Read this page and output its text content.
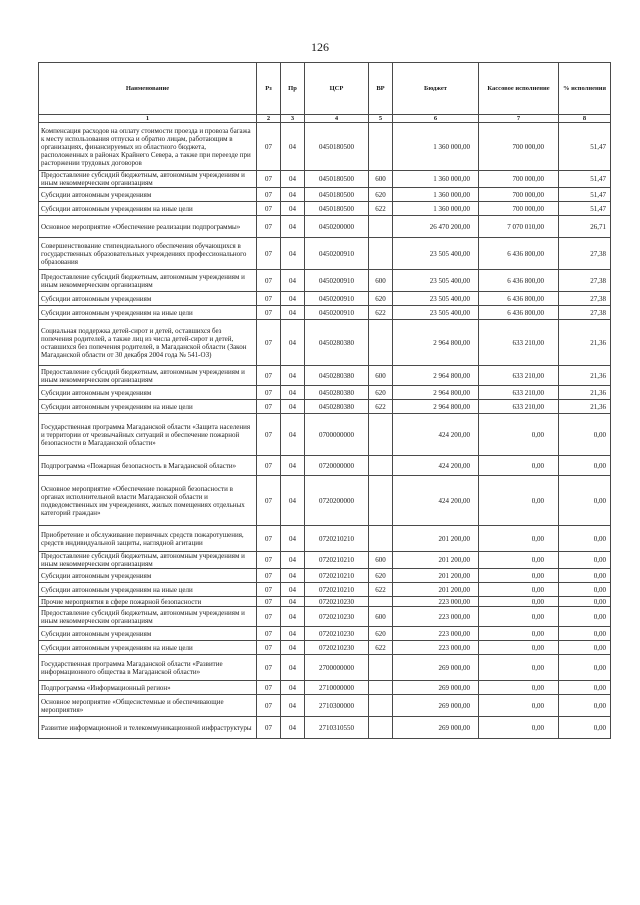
126
Наименование	Рз	Пр	ЦСР	ВР	Бюджет	Кассовое исполнение	% исполнения
1	2	3	4	5	6	7	8
Компенсация расходов на оплату стоимости проезда и провоза багажа к месту использования отпуска и обратно лицам, работающим в организациях, финансируемых из областного бюджета, расположенных в районах Крайнего Севера, а также при переезде при расторжении трудовых договоров	07	04	0450180500		1 360 000,00	700 000,00	51,47
Предоставление субсидий бюджетным, автономным учреждениям и иным некоммерческим организациям	07	04	0450180500	600	1 360 000,00	700 000,00	51,47
Субсидии автономным учреждениям	07	04	0450180500	620	1 360 000,00	700 000,00	51,47
Субсидии автономным учреждениям на иные цели	07	04	0450180500	622	1 360 000,00	700 000,00	51,47
Основное мероприятие «Обеспечение реализации подпрограммы»	07	04	0450200000		26 470 200,00	7 070 010,00	26,71
Совершенствование стипендиального обеспечения обучающихся в государственных образовательных учреждениях профессионального образования	07	04	0450200910		23 505 400,00	6 436 800,00	27,38
Предоставление субсидий бюджетным, автономным учреждениям и иным некоммерческим организациям	07	04	0450200910	600	23 505 400,00	6 436 800,00	27,38
Субсидии автономным учреждениям	07	04	0450200910	620	23 505 400,00	6 436 800,00	27,38
Субсидии автономным учреждениям на иные цели	07	04	0450200910	622	23 505 400,00	6 436 800,00	27,38
Социальная поддержка детей-сирот и детей, оставшихся без попечения родителей, а также лиц из числа детей-сирот и детей, оставшихся без попечения родителей, в Магаданской области (Закон Магаданской области от 30 декабря 2004 года № 541-ОЗ)	07	04	0450280380		2 964 800,00	633 210,00	21,36
Предоставление субсидий бюджетным, автономным учреждениям и иным некоммерческим организациям	07	04	0450280380	600	2 964 800,00	633 210,00	21,36
Субсидии автономным учреждениям	07	04	0450280380	620	2 964 800,00	633 210,00	21,36
Субсидии автономным учреждениям на иные цели	07	04	0450280380	622	2 964 800,00	633 210,00	21,36
Государственная программа Магаданской области «Защита населения и территории от чрезвычайных ситуаций и обеспечение пожарной безопасности в Магаданской области»	07	04	0700000000		424 200,00	0,00	0,00
Подпрограмма «Пожарная безопасность в Магаданской области»	07	04	0720000000		424 200,00	0,00	0,00
Основное мероприятие «Обеспечение пожарной безопасности в органах исполнительной власти Магаданской области и подведомственных им учреждениях, жилых помещениях отдельных категорий граждан»	07	04	0720200000		424 200,00	0,00	0,00
Приобретение и обслуживание первичных средств пожаротушения, средств индивидуальной защиты, наглядной агитации	07	04	0720210210		201 200,00	0,00	0,00
Предоставление субсидий бюджетным, автономным учреждениям и иным некоммерческим организациям	07	04	0720210210	600	201 200,00	0,00	0,00
Субсидии автономным учреждениям	07	04	0720210210	620	201 200,00	0,00	0,00
Субсидии автономным учреждениям на иные цели	07	04	0720210210	622	201 200,00	0,00	0,00
Прочие мероприятия в сфере пожарной безопасности	07	04	0720210230		223 000,00	0,00	0,00
Предоставление субсидий бюджетным, автономным учреждениям и иным некоммерческим организациям	07	04	0720210230	600	223 000,00	0,00	0,00
Субсидии автономным учреждениям	07	04	0720210230	620	223 000,00	0,00	0,00
Субсидии автономным учреждениям на иные цели	07	04	0720210230	622	223 000,00	0,00	0,00
Государственная программа Магаданской области «Развитие информационного общества в Магаданской области»	07	04	2700000000		269 000,00	0,00	0,00
Подпрограмма «Информационный регион»	07	04	2710000000		269 000,00	0,00	0,00
Основное мероприятие «Общесистемные и обеспечивающие мероприятия»	07	04	2710300000		269 000,00	0,00	0,00
Развитие информационной и телекоммуникационной инфраструктуры	07	04	2710310550		269 000,00	0,00	0,00
